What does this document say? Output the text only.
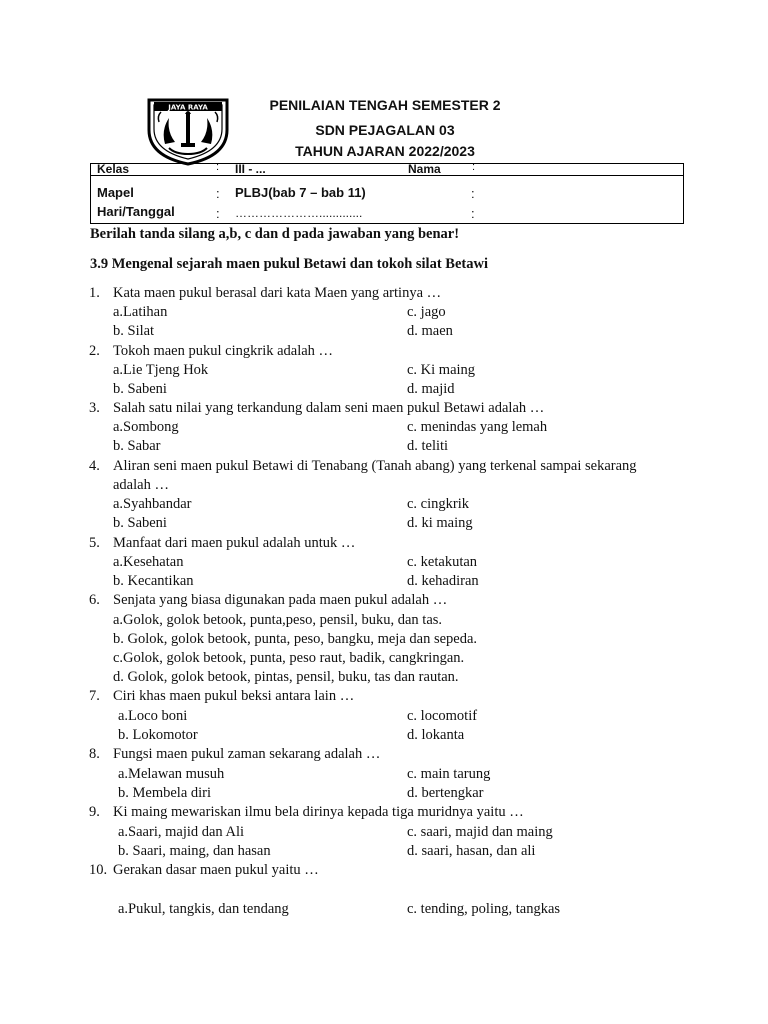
JAYA RAYA	PENILAIAN TENGAH SEMESTER 2
SDN PEJAGALAN 03
TAHUN AJARAN 2022/2023
Kelas	: III - ...	Nama	:
Mapel	: PLBJ(bab 7 – bab 11)	:
Hari/Tanggal	: ………………….............	:
Berilah tanda silang a,b, c dan d pada jawaban yang benar!
3.9 Mengenal sejarah maen pukul Betawi dan tokoh silat Betawi
1. Kata maen pukul berasal dari kata Maen yang artinya …
a.Latihan	c. jago
b. Silat	d. maen
2. Tokoh maen pukul cingkrik adalah …
a.Lie Tjeng Hok	c. Ki maing
b. Sabeni	d. majid
3. Salah satu nilai yang terkandung dalam seni maen pukul Betawi adalah …
a.Sombong	c. menindas yang lemah
b. Sabar	d. teliti
4. Aliran seni maen pukul Betawi di Tenabang (Tanah abang) yang terkenal sampai sekarang
adalah …
a.Syahbandar	c. cingkrik
b. Sabeni	d. ki maing
5. Manfaat dari maen pukul adalah untuk …
a.Kesehatan	c. ketakutan
b. Kecantikan	d. kehadiran
6. Senjata yang biasa digunakan pada maen pukul adalah …
a.Golok, golok betook, punta,peso, pensil, buku, dan tas.
b. Golok, golok betook, punta, peso, bangku, meja dan sepeda.
c.Golok, golok betook, punta, peso raut, badik, cangkringan.
d. Golok, golok betook, pintas, pensil, buku, tas dan rautan.
7. Ciri khas maen pukul beksi antara lain …
a.Loco boni	c. locomotif
b. Lokomotor	d. lokanta
8. Fungsi maen pukul zaman sekarang adalah …
a.Melawan musuh	c. main tarung
b. Membela diri	d. bertengkar
9. Ki maing mewariskan ilmu bela dirinya kepada tiga muridnya yaitu …
a.Saari, majid dan Ali	c. saari, majid dan maing
b. Saari, maing, dan hasan	d. saari, hasan, dan ali
10. Gerakan dasar maen pukul yaitu …
a.Pukul, tangkis, dan tendang	c. tending, poling, tangkas
